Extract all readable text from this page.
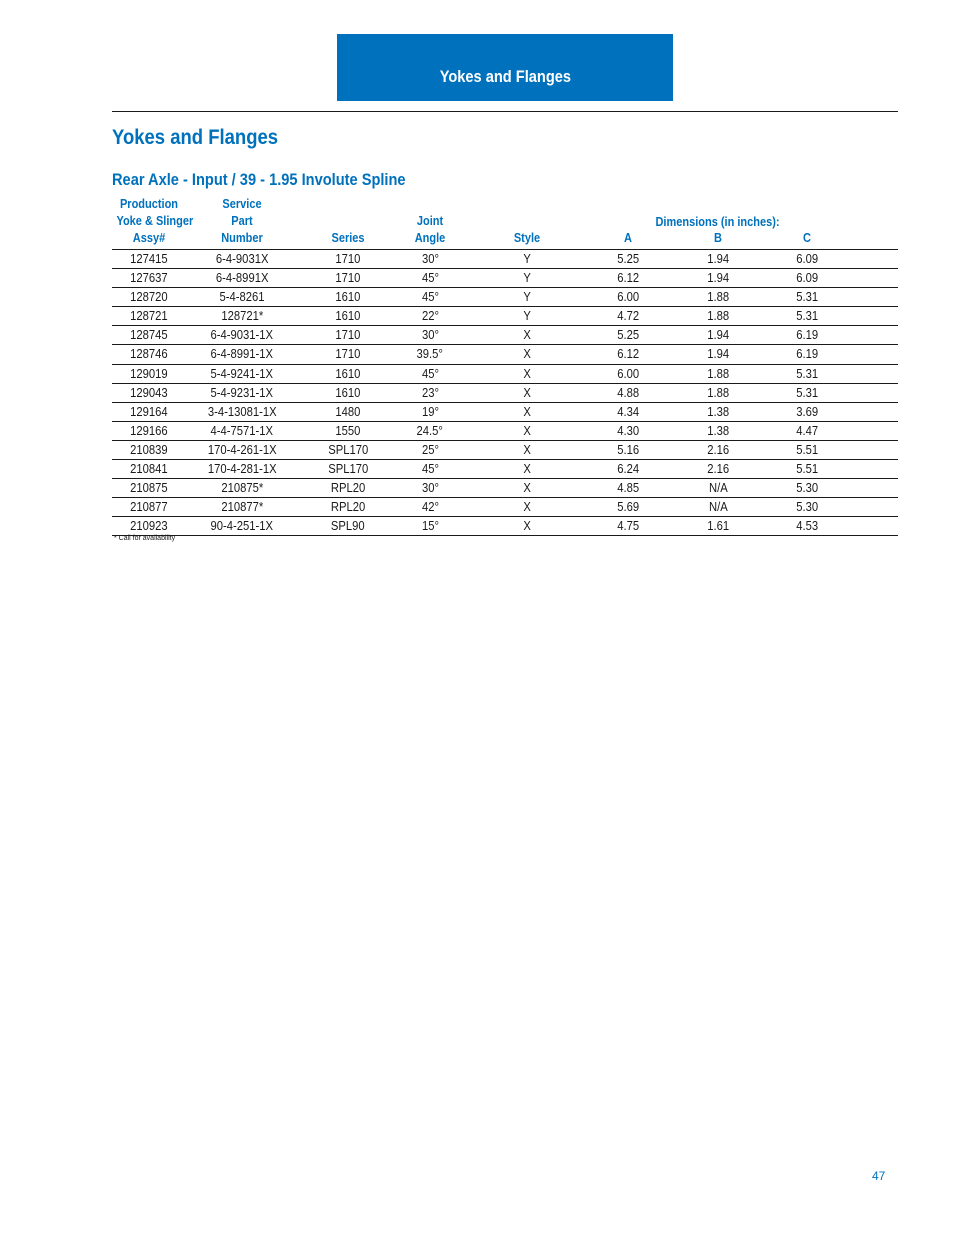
Yokes and Flanges
Yokes and Flanges
Rear Axle - Input / 39 - 1.95 Involute Spline
Production
Yoke & Slinger
Assy#
Service
Part
Number	Series
Joint
Angle	Style
Dimensions (in inches):
A	B	C
127415	6-4-9031X	1710	30°	Y	5.25	1.94	6.09
127637	6-4-8991X	1710	45°	Y	6.12	1.94	6.09
128720	5-4-8261	1610	45°	Y	6.00	1.88	5.31
128721	128721*	1610	22°	Y	4.72	1.88	5.31
128745	6-4-9031-1X	1710	30°	X	5.25	1.94	6.19
128746	6-4-8991-1X	1710	39.5°	X	6.12	1.94	6.19
129019	5-4-9241-1X	1610	45°	X	6.00	1.88	5.31
129043	5-4-9231-1X	1610	23°	X	4.88	1.88	5.31
129164	3-4-13081-1X	1480	19°	X	4.34	1.38	3.69
129166	4-4-7571-1X	1550	24.5°	X	4.30	1.38	4.47
210839	170-4-261-1X	SPL170	25°	X	5.16	2.16	5.51
210841	170-4-281-1X	SPL170	45°	X	6.24	2.16	5.51
210875	210875*	RPL20	30°	X	4.85	N/A	5.30
210877	210877*	RPL20	42°	X	5.69	N/A	5.30
210923	90-4-251-1X	SPL90	15°	X	4.75	1.61	4.53
* Call for availability
47
